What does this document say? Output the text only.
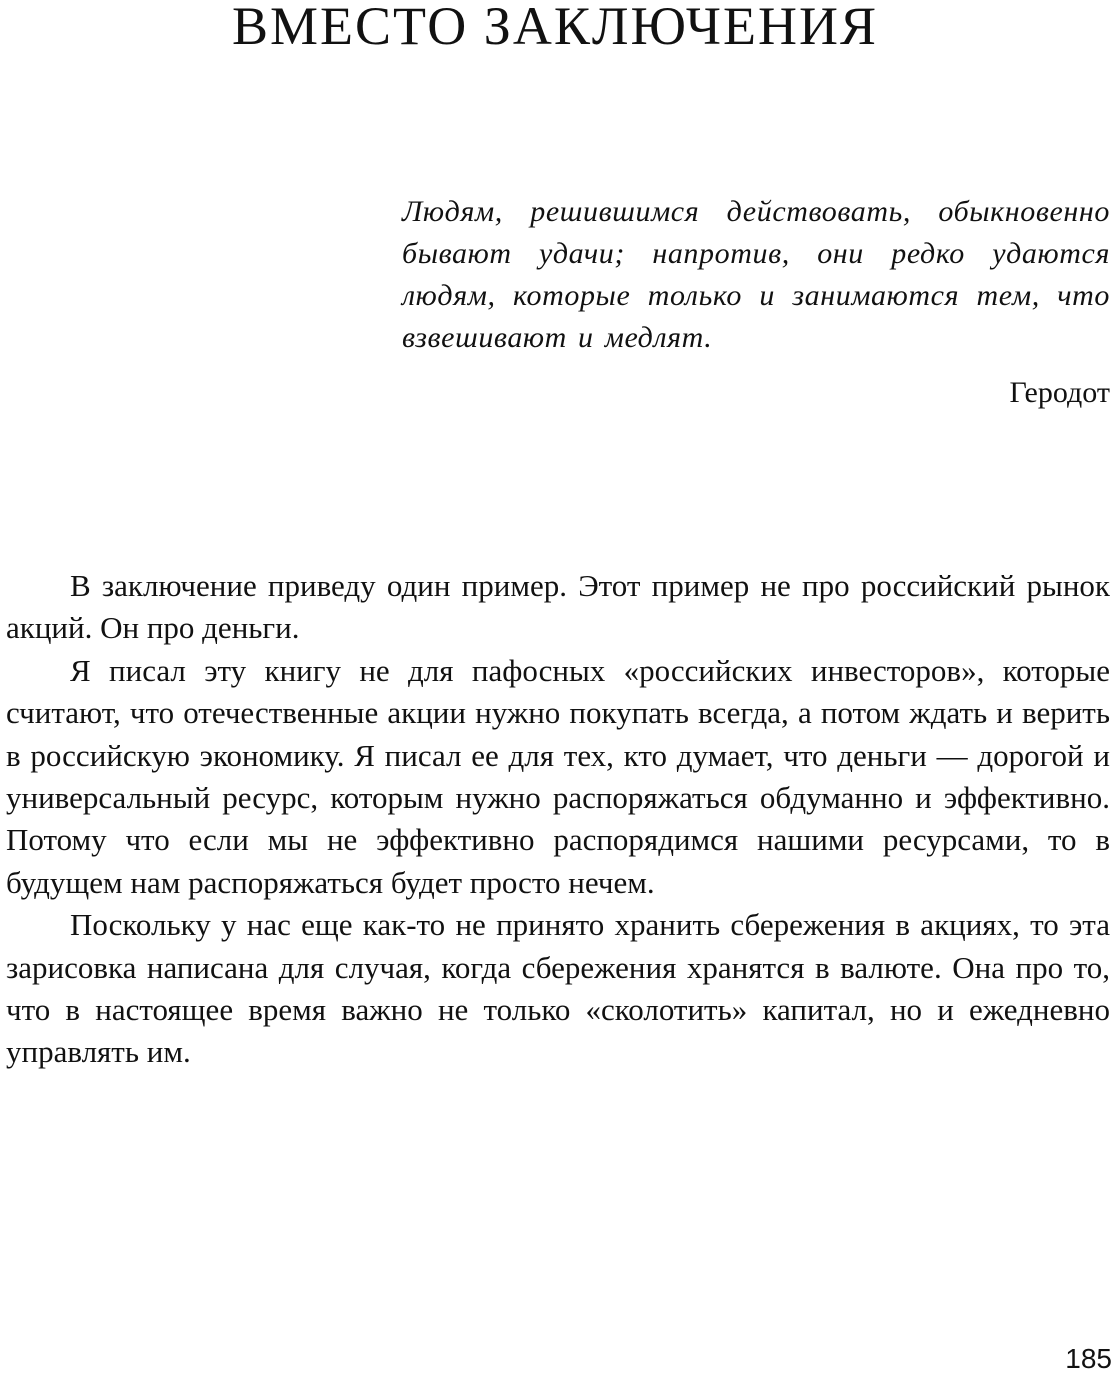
ВМЕСТО ЗАКЛЮЧЕНИЯ

Людям, решившимся действовать, обыкновенно бывают удачи; напротив, они редко удаются людям, которые только и занимаются тем, что взвешивают и медлят.

Геродот

В заключение приведу один пример. Этот пример не про российский рынок акций. Он про деньги.

Я писал эту книгу не для пафосных «российских инвесторов», которые считают, что отечественные акции нужно покупать всегда, а потом ждать и верить в российскую экономику. Я писал ее для тех, кто думает, что деньги — дорогой и универсальный ресурс, которым нужно распоряжаться обдуманно и эффективно. Потому что если мы не эффективно распорядимся нашими ресурсами, то в будущем нам распоряжаться будет просто нечем.

Поскольку у нас еще как-то не принято хранить сбережения в акциях, то эта зарисовка написана для случая, когда сбережения хранятся в валюте. Она про то, что в настоящее время важно не только «сколотить» капитал, но и ежедневно управлять им.

185
